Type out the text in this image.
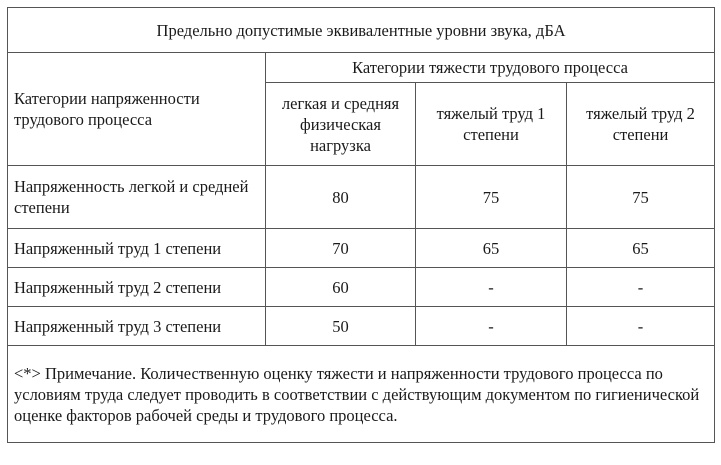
Предельно допустимые эквивалентные уровни звука, дБА			
Категории напряженности трудового процесса	Категории тяжести трудового процесса		
	легкая и средняя физическая нагрузка	тяжелый труд 1 степени	тяжелый труд 2 степени
Напряженность легкой и средней степени	80	75	75
Напряженный труд 1 степени	70	65	65
Напряженный труд 2 степени	60	-	-
Напряженный труд 3 степени	50	-	-
<*> Примечание. Количественную оценку тяжести и напряженности трудового процесса по условиям труда следует проводить в соответствии с действующим документом по гигиенической оценке факторов рабочей среды и трудового процесса.			
